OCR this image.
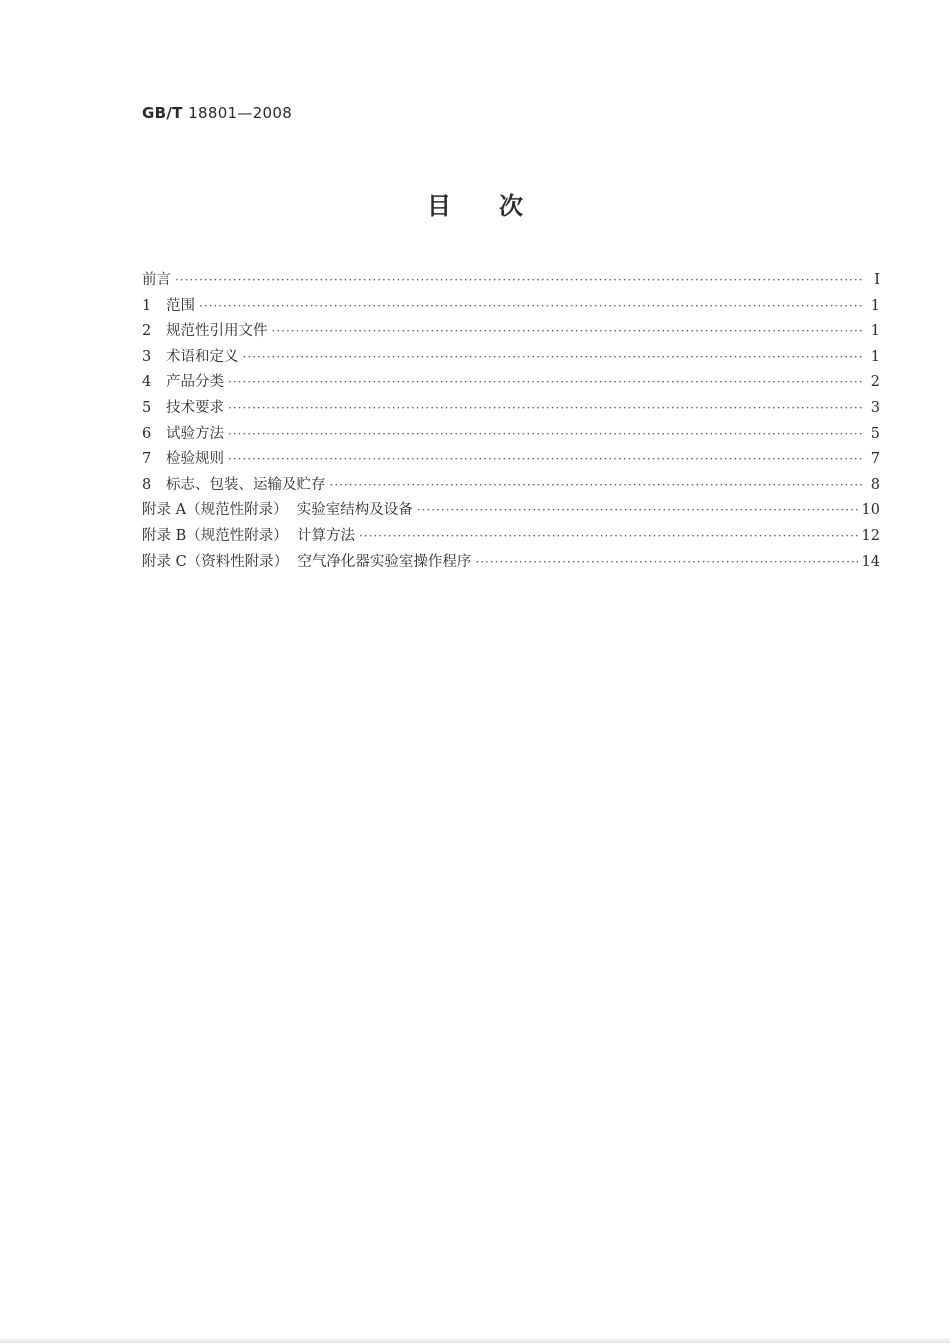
GB/T 18801—2008
目次
前言 ·····	I
1 范围 ·····	1
2 规范性引用文件 ·····	1
3 术语和定义 ·····	1
4 产品分类 ·····	2
5 技术要求 ·····	3
6 试验方法 ·····	5
7 检验规则 ·····	7
8 标志、包装、运输及贮存 ·····	8
附录 A（规范性附录）  实验室结构及设备 ·····	10
附录 B（规范性附录）  计算方法 ·····	12
附录 C（资料性附录）  空气净化器实验室操作程序 ·····	14
